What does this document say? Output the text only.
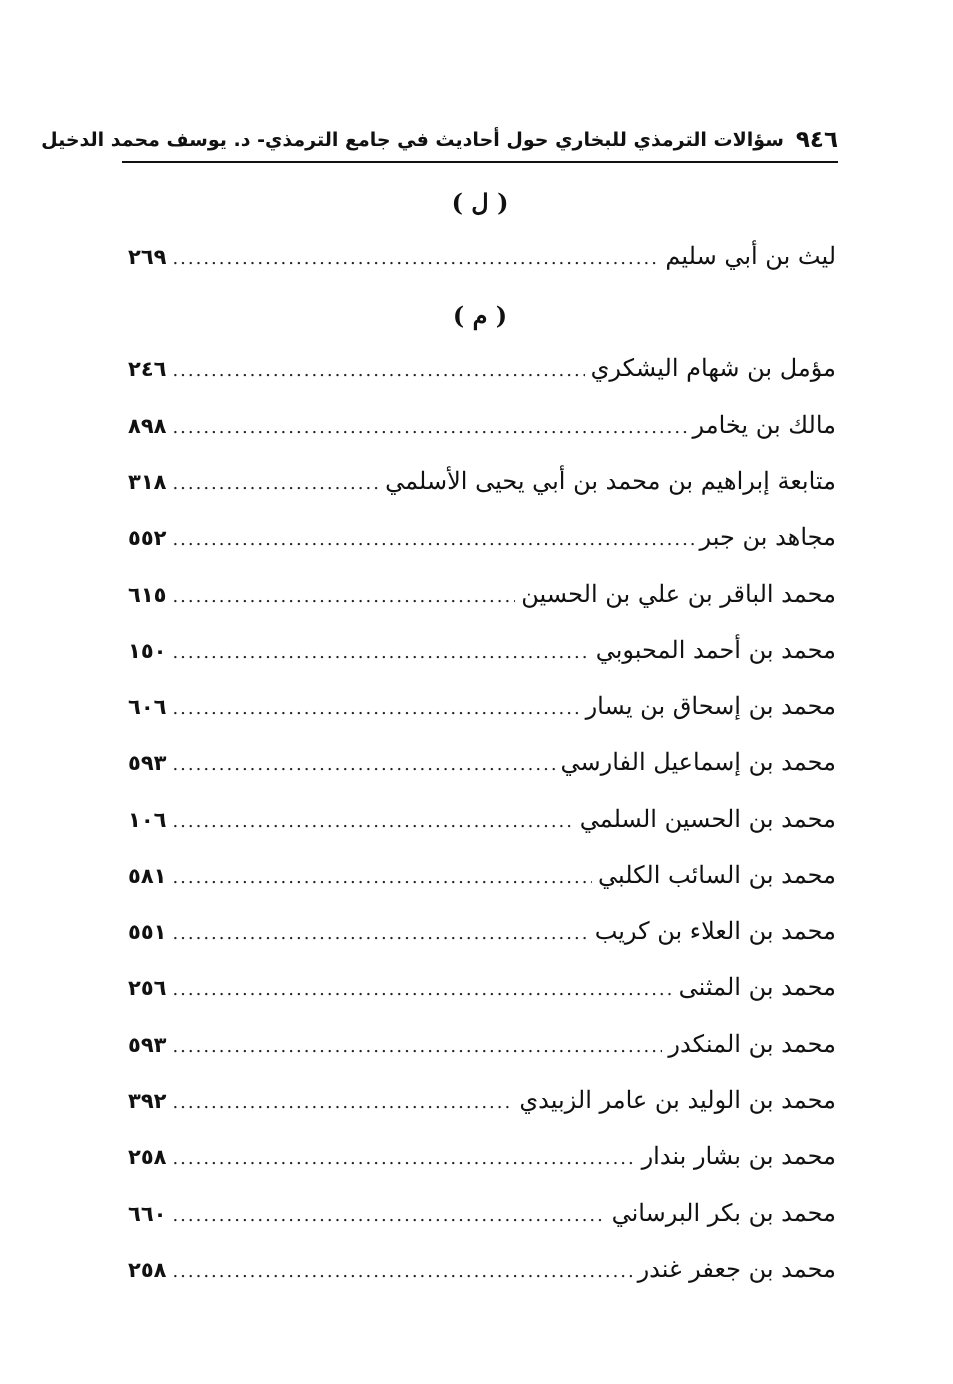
٩٤٦
سؤالات الترمذي للبخاري حول أحاديث في جامع الترمذي- د. يوسف محمد الدخيل
( ل )
ليث بن أبي سليم
.....
٢٦٩
( م )
مؤمل بن شهام اليشكري
.....
٢٤٦
مالك بن يخامر
.....
٨٩٨
متابعة إبراهيم بن محمد بن أبي يحيى الأسلمي
.....
٣١٨
مجاهد بن جبر
.....
٥٥٢
محمد الباقر بن علي بن الحسين
.....
٦١٥
محمد بن أحمد المحبوبي
.....
١٥٠
محمد بن إسحاق بن يسار
.....
٦٠٦
محمد بن إسماعيل الفارسي
.....
٥٩٣
محمد بن الحسين السلمي
.....
١٠٦
محمد بن السائب الكلبي
.....
٥٨١
محمد بن العلاء بن كريب
.....
٥٥١
محمد بن المثنى
.....
٢٥٦
محمد بن المنكدر
.....
٥٩٣
محمد بن الوليد بن عامر الزبيدي
.....
٣٩٢
محمد بن بشار بندار
.....
٢٥٨
محمد بن بكر البرساني
.....
٦٦٠
محمد بن جعفر غندر
.....
٢٥٨
